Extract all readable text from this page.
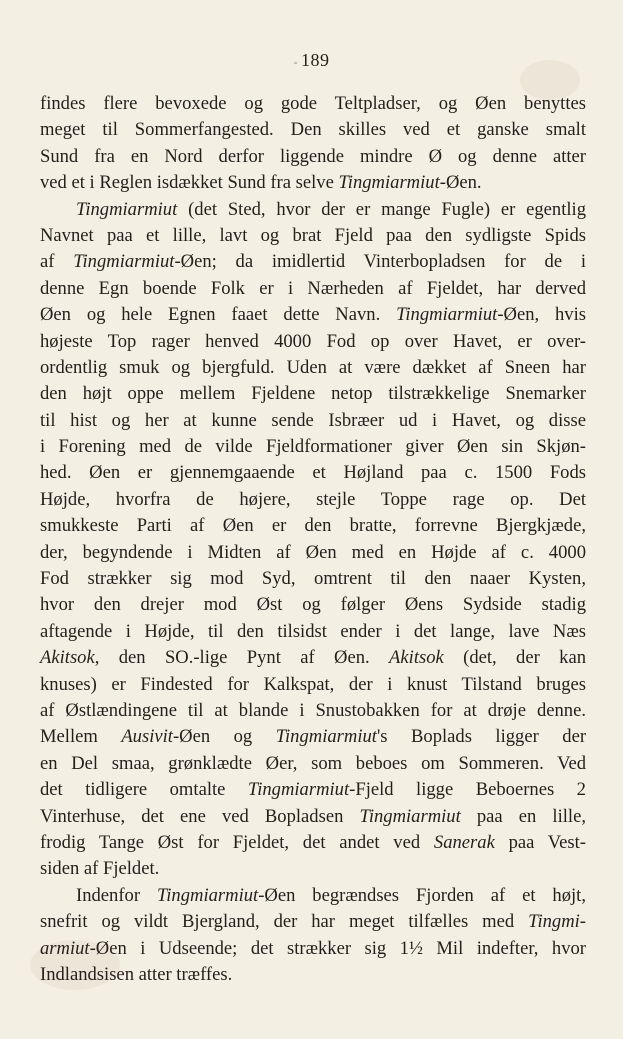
- 189
findes flere bevoxede og gode Teltpladser, og Øen benyttes
meget til Sommerfangested. Den skilles ved et ganske smalt
Sund fra en Nord derfor liggende mindre Ø og denne atter
ved et i Reglen isdækket Sund fra selve Tingmiarmiut-Øen.
Tingmiarmiut (det Sted, hvor der er mange Fugle) er egentlig
Navnet paa et lille, lavt og brat Fjeld paa den sydligste Spids
af Tingmiarmiut-Øen; da imidlertid Vinterbopladsen for de i
denne Egn boende Folk er i Nærheden af Fjeldet, har derved
Øen og hele Egnen faaet dette Navn. Tingmiarmiut-Øen, hvis
højeste Top rager henved 4000 Fod op over Havet, er over-
ordentlig smuk og bjergfuld. Uden at være dækket af Sneen har
den højt oppe mellem Fjeldene netop tilstrækkelige Snemarker
til hist og her at kunne sende Isbræer ud i Havet, og disse
i Forening med de vilde Fjeldformationer giver Øen sin Skjøn-
hed. Øen er gjennemgaaende et Højland paa c. 1500 Fods
Højde, hvorfra de højere, stejle Toppe rage op. Det
smukkeste Parti af Øen er den bratte, forrevne Bjergkjæde,
der, begyndende i Midten af Øen med en Højde af c. 4000
Fod strækker sig mod Syd, omtrent til den naaer Kysten,
hvor den drejer mod Øst og følger Øens Sydside stadig
aftagende i Højde, til den tilsidst ender i det lange, lave Næs
Akitsok, den SO.-lige Pynt af Øen. Akitsok (det, der kan
knuses) er Findested for Kalkspat, der i knust Tilstand bruges
af Østlændingene til at blande i Snustobakken for at drøje denne.
Mellem Ausivit-Øen og Tingmiarmiut's Boplads ligger der
en Del smaa, grønklædte Øer, som beboes om Sommeren. Ved
det tidligere omtalte Tingmiarmiut-Fjeld ligge Beboernes 2
Vinterhuse, det ene ved Bopladsen Tingmiarmiut paa en lille,
frodig Tange Øst for Fjeldet, det andet ved Sanerak paa Vest-
siden af Fjeldet.
Indenfor Tingmiarmiut-Øen begrændses Fjorden af et højt,
snefrit og vildt Bjergland, der har meget tilfælles med Tingmi-
armiut-Øen i Udseende; det strækker sig 1½ Mil indefter, hvor
Indlandsisen atter træffes.
